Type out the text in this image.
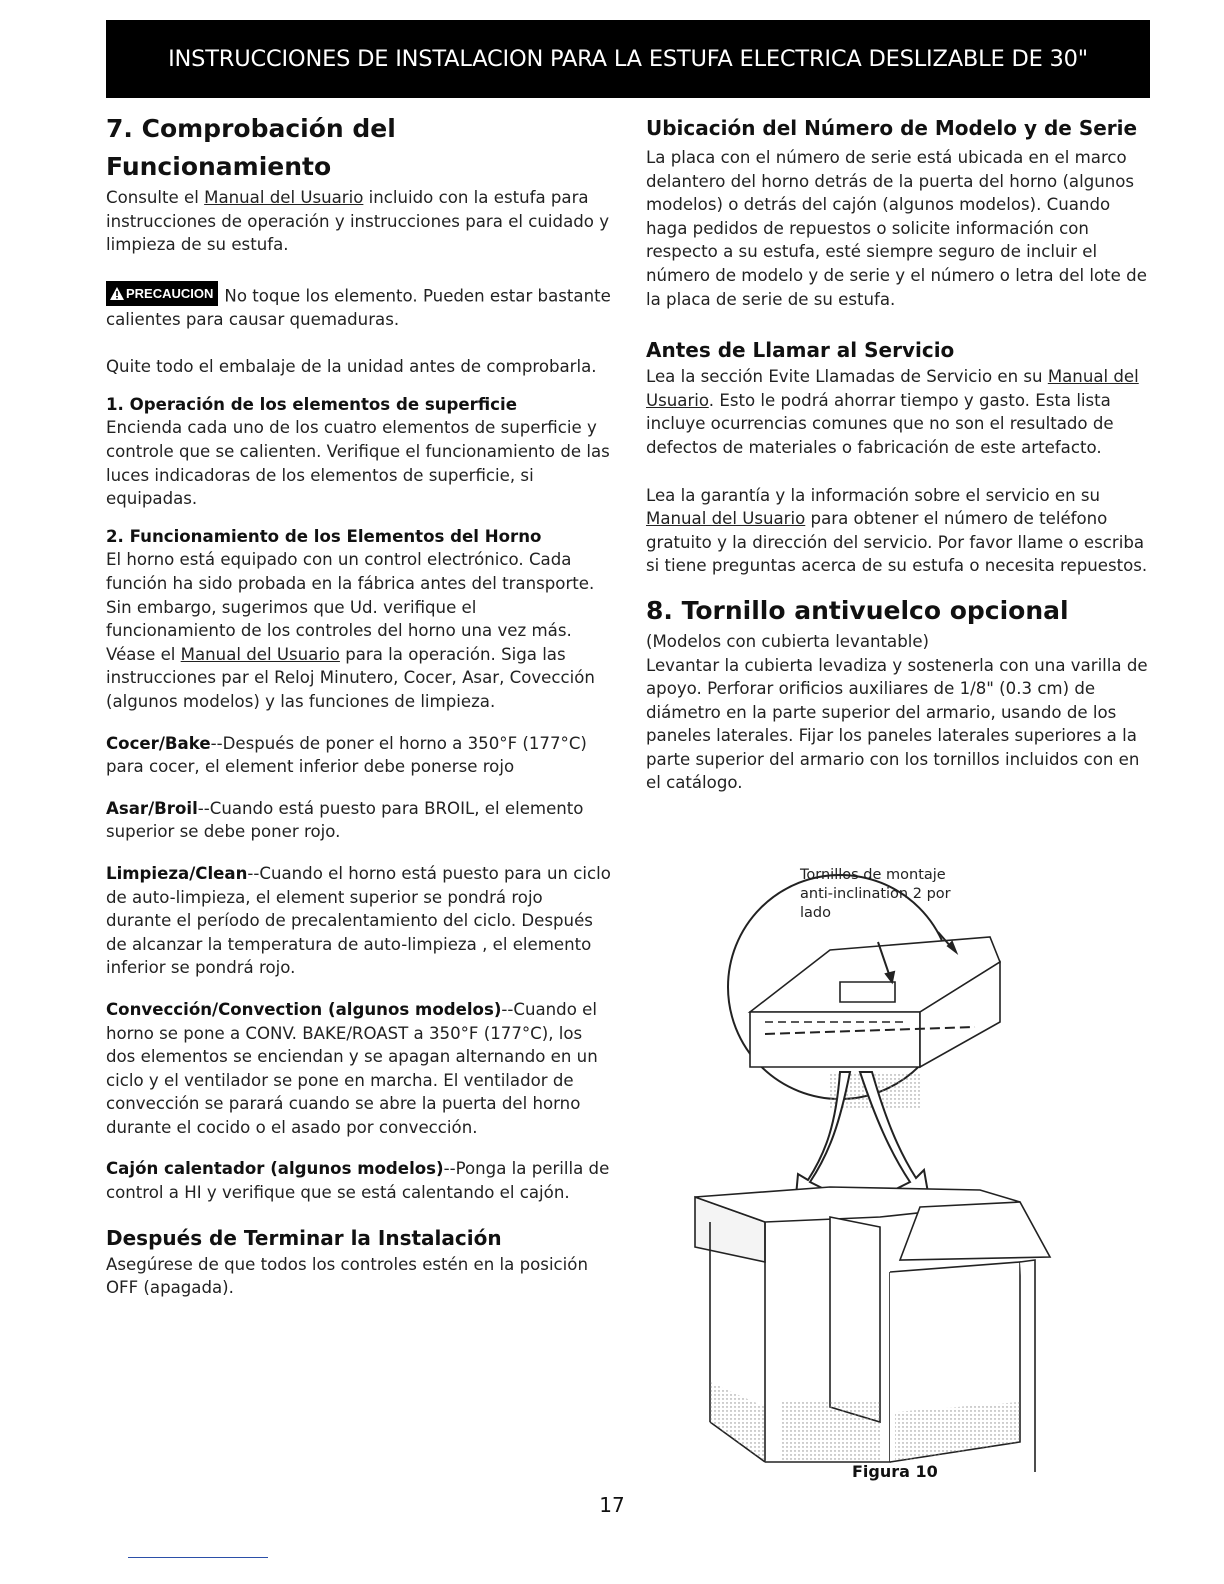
INSTRUCCIONES DE INSTALACION PARA LA ESTUFA ELECTRICA DESLIZABLE DE 30"
7. Comprobación del Funcionamiento

Consulte el Manual del Usuario incluido con la estufa para instrucciones de operación y instrucciones para el cuidado y limpieza de su estufa.

PRECAUCION No toque los elemento. Pueden estar bastante calientes para causar quemaduras.

Quite todo el embalaje de la unidad antes de comprobarla.

1. Operación de los elementos de superficie

Encienda cada uno de los cuatro elementos de superficie y controle que se calienten. Verifique el funcionamiento de las luces indicadoras de los elementos de superficie, si equipadas.

2. Funcionamiento de los Elementos del Horno

El horno está equipado con un control electrónico. Cada función ha sido probada en la fábrica antes del transporte. Sin embargo, sugerimos que Ud. verifique el funcionamiento de los controles del horno una vez más. Véase el Manual del Usuario para la operación. Siga las instrucciones par el Reloj Minutero, Cocer, Asar, Covección (algunos modelos) y las funciones de limpieza.

Cocer/Bake--Después de poner el horno a 350°F (177°C) para cocer, el element inferior debe ponerse rojo

Asar/Broil--Cuando está puesto para BROIL, el elemento superior se debe poner rojo.

Limpieza/Clean--Cuando el horno está puesto para un ciclo de auto-limpieza, el element superior se pondrá rojo durante el período de precalentamiento del ciclo. Después de alcanzar la temperatura de auto-limpieza , el elemento inferior se pondrá rojo.

Convección/Convection (algunos modelos)--Cuando el horno se pone a CONV. BAKE/ROAST a 350°F (177°C), los dos elementos se enciendan y se apagan alternando en un ciclo y el ventilador se pone en marcha. El ventilador de convección se parará cuando se abre la puerta del horno durante el cocido o el asado por convección.

Cajón calentador (algunos modelos)--Ponga la perilla de control a HI y verifique que se está calentando el cajón.

Después de Terminar la Instalación

Asegúrese de que todos los controles estén en la posición OFF (apagada).

Ubicación del Número de Modelo y de Serie

La placa con el número de serie está ubicada en el marco delantero del horno detrás de la puerta del horno (algunos modelos) o detrás del cajón (algunos modelos). Cuando haga pedidos de repuestos o solicite información con respecto a su estufa, esté siempre seguro de incluir el número de modelo y de serie y el número o letra del lote de la placa de serie de su estufa.

Antes de Llamar al Servicio

Lea la sección Evite Llamadas de Servicio en su Manual del Usuario. Esto le podrá ahorrar tiempo y gasto. Esta lista incluye ocurrencias comunes que no son el resultado de defectos de materiales o fabricación de este artefacto.

Lea la garantía y la información sobre el servicio en su Manual del Usuario para obtener el número de teléfono gratuito y la dirección del servicio. Por favor llame o escriba si tiene preguntas acerca de su estufa o necesita repuestos.

8. Tornillo antivuelco opcional

(Modelos con cubierta levantable)

Levantar la cubierta levadiza y sostenerla con una varilla de apoyo. Perforar orificios auxiliares de 1/8" (0.3 cm) de diámetro en la parte superior del armario, usando de los paneles laterales. Fijar los paneles laterales superiores a la parte superior del armario con los tornillos incluidos con en el catálogo.

Tornillos de montaje anti-inclination 2 por lado
Figura 10
17
